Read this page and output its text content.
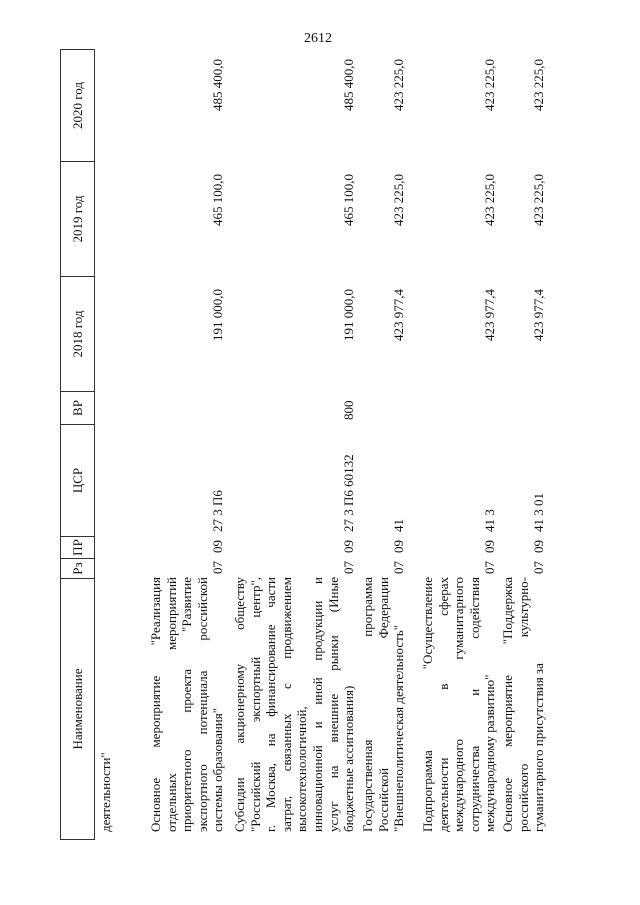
2612
Наименование
Рз
ПР
ЦСР
ВР
2018 год
2019 год
2020 год
деятельности"	Основное мероприятие "Реализация отдельных мероприятий приоритетного проекта "Развитие экспортного потенциала российской системы образования"
07
09
27 3 П6
191 000,0
465 100,0
485 400,0
Субсидии акционерному обществу "Российский экспортный центр", г. Москва, на финансирование части затрат, связанных с продвижением высокотехнологичной, инновационной и иной продукции и услуг на внешние рынки (Иные бюджетные ассигнования)
07
09
27 3 П6 60132
800
191 000,0
465 100,0
485 400,0
Государственная программа Российской Федерации "Внешнеполитическая деятельность"
07
09
41
423 977,4
423 225,0
423 225,0
Подпрограмма "Осуществление деятельности в сферах международного гуманитарного сотрудничества и содействия международному развитию"
07
09
41 3
423 977,4
423 225,0
423 225,0
Основное мероприятие "Поддержка российского культурно- гуманитарного присутствия за
07
09
41 3 01
423 977,4
423 225,0
423 225,0
